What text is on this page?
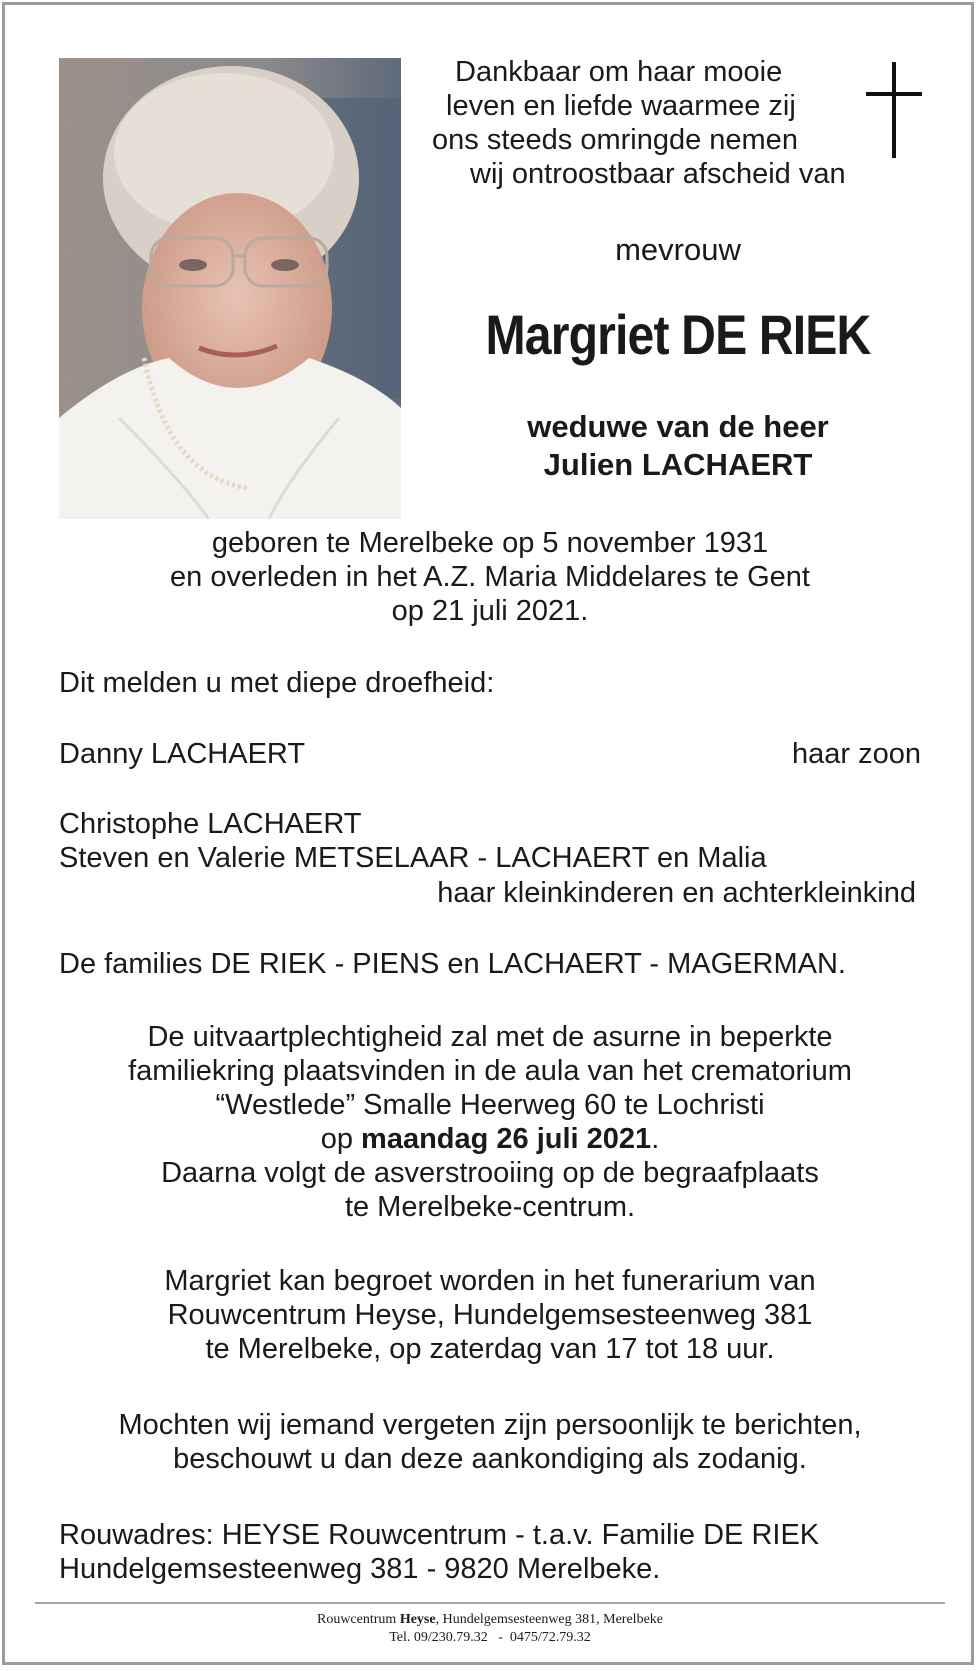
Dankbaar om haar mooie
leven en liefde waarmee zij
ons steeds omringde nemen
wij ontroostbaar afscheid van
mevrouw
Margriet DE RIEK
weduwe van de heer
Julien LACHAERT
geboren te Merelbeke op 5 november 1931
en overleden in het A.Z. Maria Middelares te Gent
op 21 juli 2021.
Dit melden u met diepe droefheid:
Danny LACHAERT	haar zoon
Christophe LACHAERT
Steven en Valerie METSELAAR - LACHAERT en Malia
haar kleinkinderen en achterkleinkind
De families DE RIEK - PIENS en LACHAERT - MAGERMAN.
De uitvaartplechtigheid zal met de asurne in beperkte
familiekring plaatsvinden in de aula van het crematorium
“Westlede” Smalle Heerweg 60 te Lochristi
op maandag 26 juli 2021.
Daarna volgt de asverstrooiing op de begraafplaats
te Merelbeke-centrum.
Margriet kan begroet worden in het funerarium van
Rouwcentrum Heyse, Hundelgemsesteenweg 381
te Merelbeke, op zaterdag van 17 tot 18 uur.
Mochten wij iemand vergeten zijn persoonlijk te berichten,
beschouwt u dan deze aankondiging als zodanig.
Rouwadres: HEYSE Rouwcentrum - t.a.v. Familie DE RIEK
Hundelgemsesteenweg 381 - 9820 Merelbeke.
Rouwcentrum Heyse, Hundelgemsesteenweg 381, Merelbeke
Tel. 09/230.79.32   -  0475/72.79.32
